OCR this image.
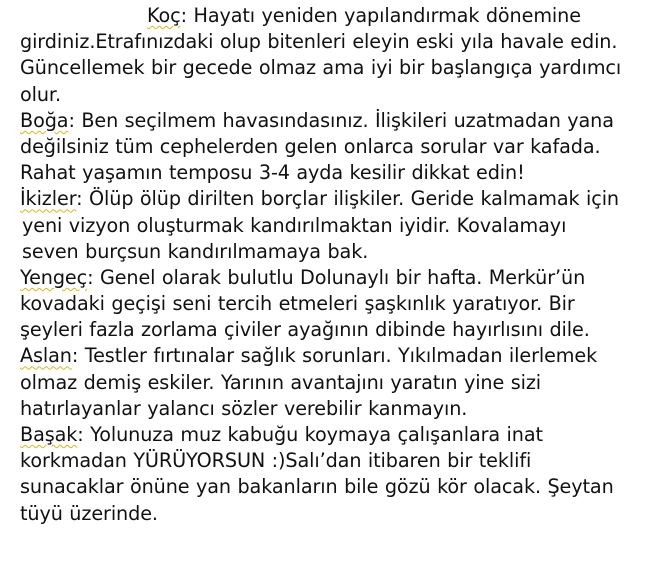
Koç: Hayatı yeniden yapılandırmak dönemine
girdiniz.Etrafınızdaki olup bitenleri eleyin eski yıla havale edin.
Güncellemek bir gecede olmaz ama iyi bir başlangıça yardımcı
olur.
Boğa: Ben seçilmem havasındasınız. İlişkileri uzatmadan yana
değilsiniz tüm cephelerden gelen onlarca sorular var kafada.
Rahat yaşamın temposu 3-4 ayda kesilir dikkat edin!
İkizler: Ölüp ölüp dirilten borçlar ilişkiler. Geride kalmamak için
yeni vizyon oluşturmak kandırılmaktan iyidir. Kovalamayı
seven burçsun kandırılmamaya bak.
Yengeç: Genel olarak bulutlu Dolunaylı bir hafta. Merkür’ün
kovadaki geçişi seni tercih etmeleri şaşkınlık yaratıyor. Bir
şeyleri fazla zorlama çiviler ayağının dibinde hayırlısını dile.
Aslan: Testler fırtınalar sağlık sorunları. Yıkılmadan ilerlemek
olmaz demiş eskiler. Yarının avantajını yaratın yine sizi
hatırlayanlar yalancı sözler verebilir kanmayın.
Başak: Yolunuza muz kabuğu koymaya çalışanlara inat
korkmadan YÜRÜYORSUN :)Salı’dan itibaren bir teklifi
sunacaklar önüne yan bakanların bile gözü kör olacak. Şeytan
tüyü üzerinde.
